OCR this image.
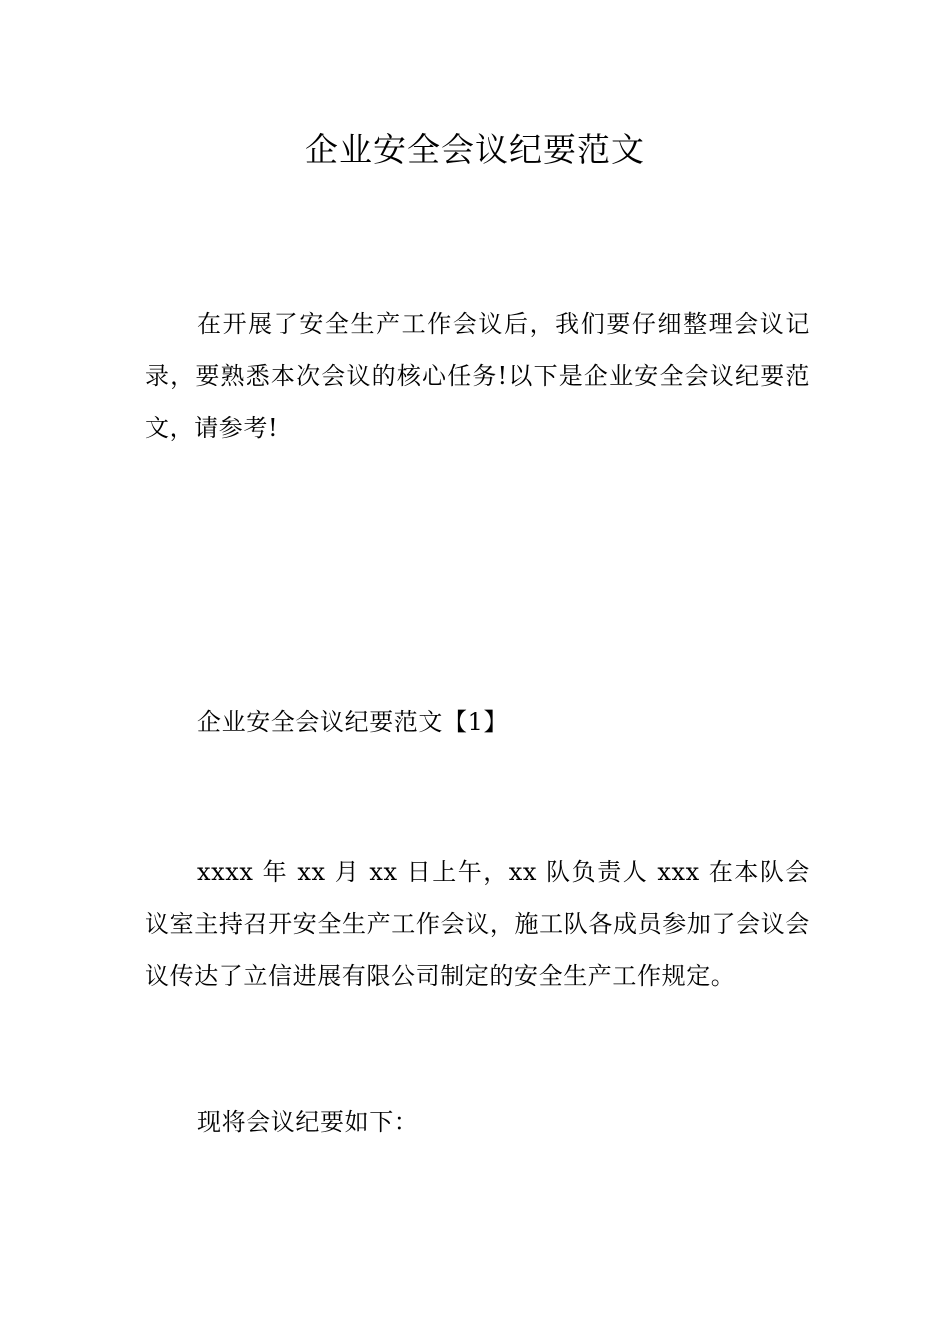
企业安全会议纪要范文

在开展了安全生产工作会议后，我们要仔细整理会议记录，要熟悉本次会议的核心任务!以下是企业安全会议纪要范文，请参考!

企业安全会议纪要范文【1】

xxxx 年 xx 月 xx 日上午，xx 队负责人 xxx 在本队会议室主持召开安全生产工作会议，施工队各成员参加了会议会议传达了立信进展有限公司制定的安全生产工作规定。

现将会议纪要如下：
